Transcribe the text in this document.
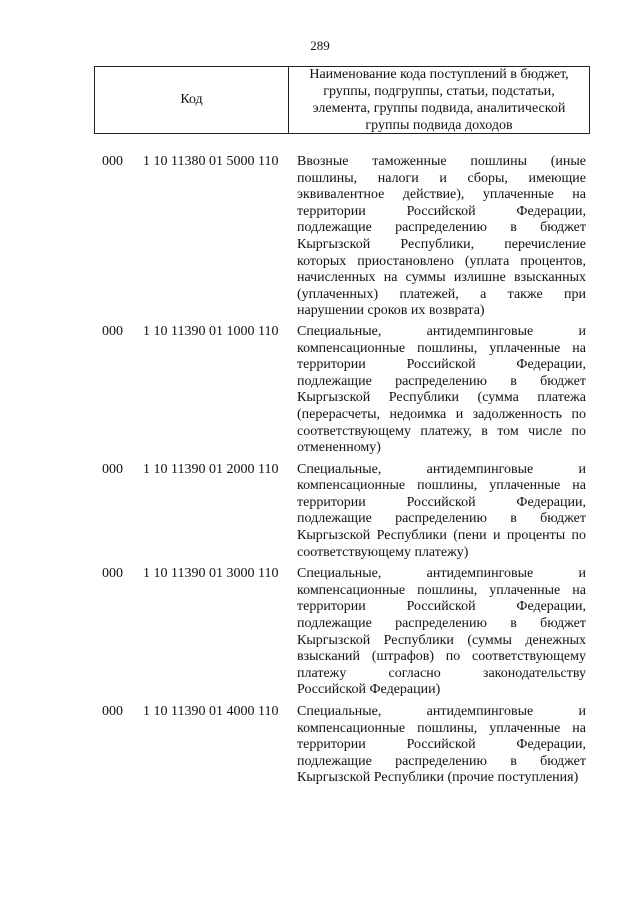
289
Код
Наименование кода поступлений в бюджет,
группы, подгруппы, статьи, подстатьи,
элемента, группы подвида, аналитической
группы подвида доходов
000 1 10 11380 01 5000 110 Ввозные таможенные пошлины (иные
пошлины, налоги и сборы, имеющие
эквивалентное действие), уплаченные на
территории Российской Федерации,
подлежащие распределению в бюджет
Кыргызской Республики, перечисление
которых приостановлено (уплата процентов,
начисленных на суммы излишне взысканных
(уплаченных) платежей, а также при
нарушении сроков их возврата)
000 1 10 11390 01 1000 110 Специальные, антидемпинговые и
компенсационные пошлины, уплаченные на
территории Российской Федерации,
подлежащие распределению в бюджет
Кыргызской Республики (сумма платежа
(перерасчеты, недоимка и задолженность по
соответствующему платежу, в том числе по
отмененному)
000 1 10 11390 01 2000 110 Специальные, антидемпинговые и
компенсационные пошлины, уплаченные на
территории Российской Федерации,
подлежащие распределению в бюджет
Кыргызской Республики (пени и проценты по
соответствующему платежу)
000 1 10 11390 01 3000 110 Специальные, антидемпинговые и
компенсационные пошлины, уплаченные на
территории Российской Федерации,
подлежащие распределению в бюджет
Кыргызской Республики (суммы денежных
взысканий (штрафов) по соответствующему
платежу согласно законодательству
Российской Федерации)
000 1 10 11390 01 4000 110 Специальные, антидемпинговые и
компенсационные пошлины, уплаченные на
территории Российской Федерации,
подлежащие распределению в бюджет
Кыргызской Республики (прочие поступления)
